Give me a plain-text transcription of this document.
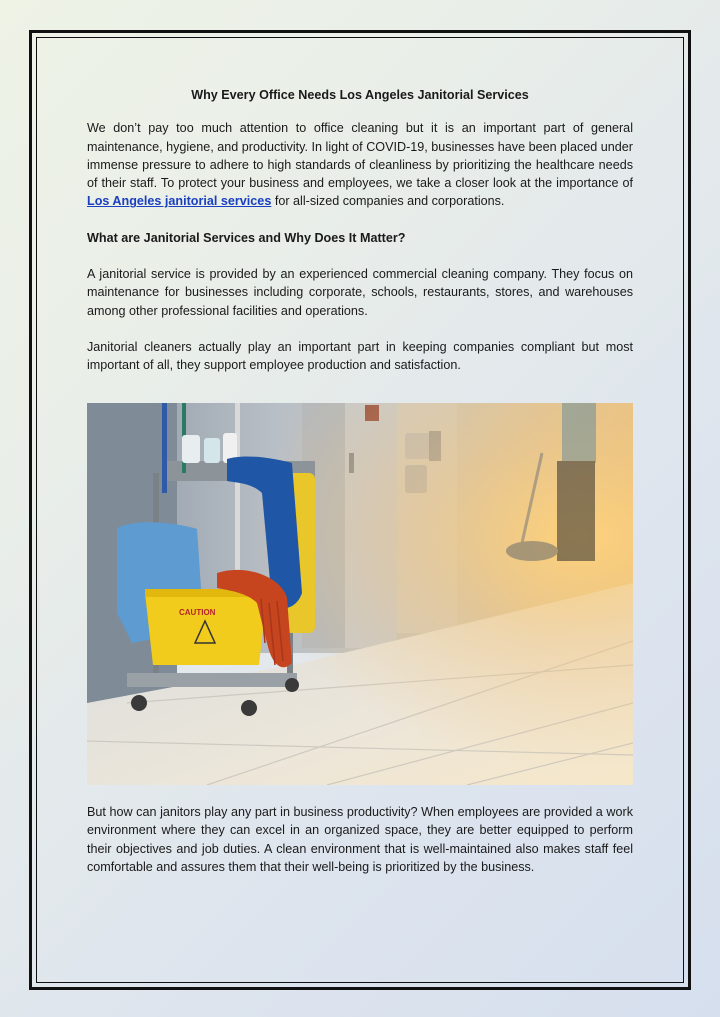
Why Every Office Needs Los Angeles Janitorial Services

We don’t pay too much attention to office cleaning but it is an important part of general maintenance, hygiene, and productivity. In light of COVID-19, businesses have been placed under immense pressure to adhere to high standards of cleanliness by prioritizing the healthcare needs of their staff. To protect your business and employees, we take a closer look at the importance of Los Angeles janitorial services for all-sized companies and corporations.

What are Janitorial Services and Why Does It Matter?

A janitorial service is provided by an experienced commercial cleaning company. They focus on maintenance for businesses including corporate, schools, restaurants, stores, and warehouses among other professional facilities and operations.

Janitorial cleaners actually play an important part in keeping companies compliant but most important of all, they support employee production and satisfaction.

CAUTION

But how can janitors play any part in business productivity? When employees are provided a work environment where they can excel in an organized space, they are better equipped to perform their objectives and job duties. A clean environment that is well-maintained also makes staff feel comfortable and assures them that their well-being is prioritized by the business.
